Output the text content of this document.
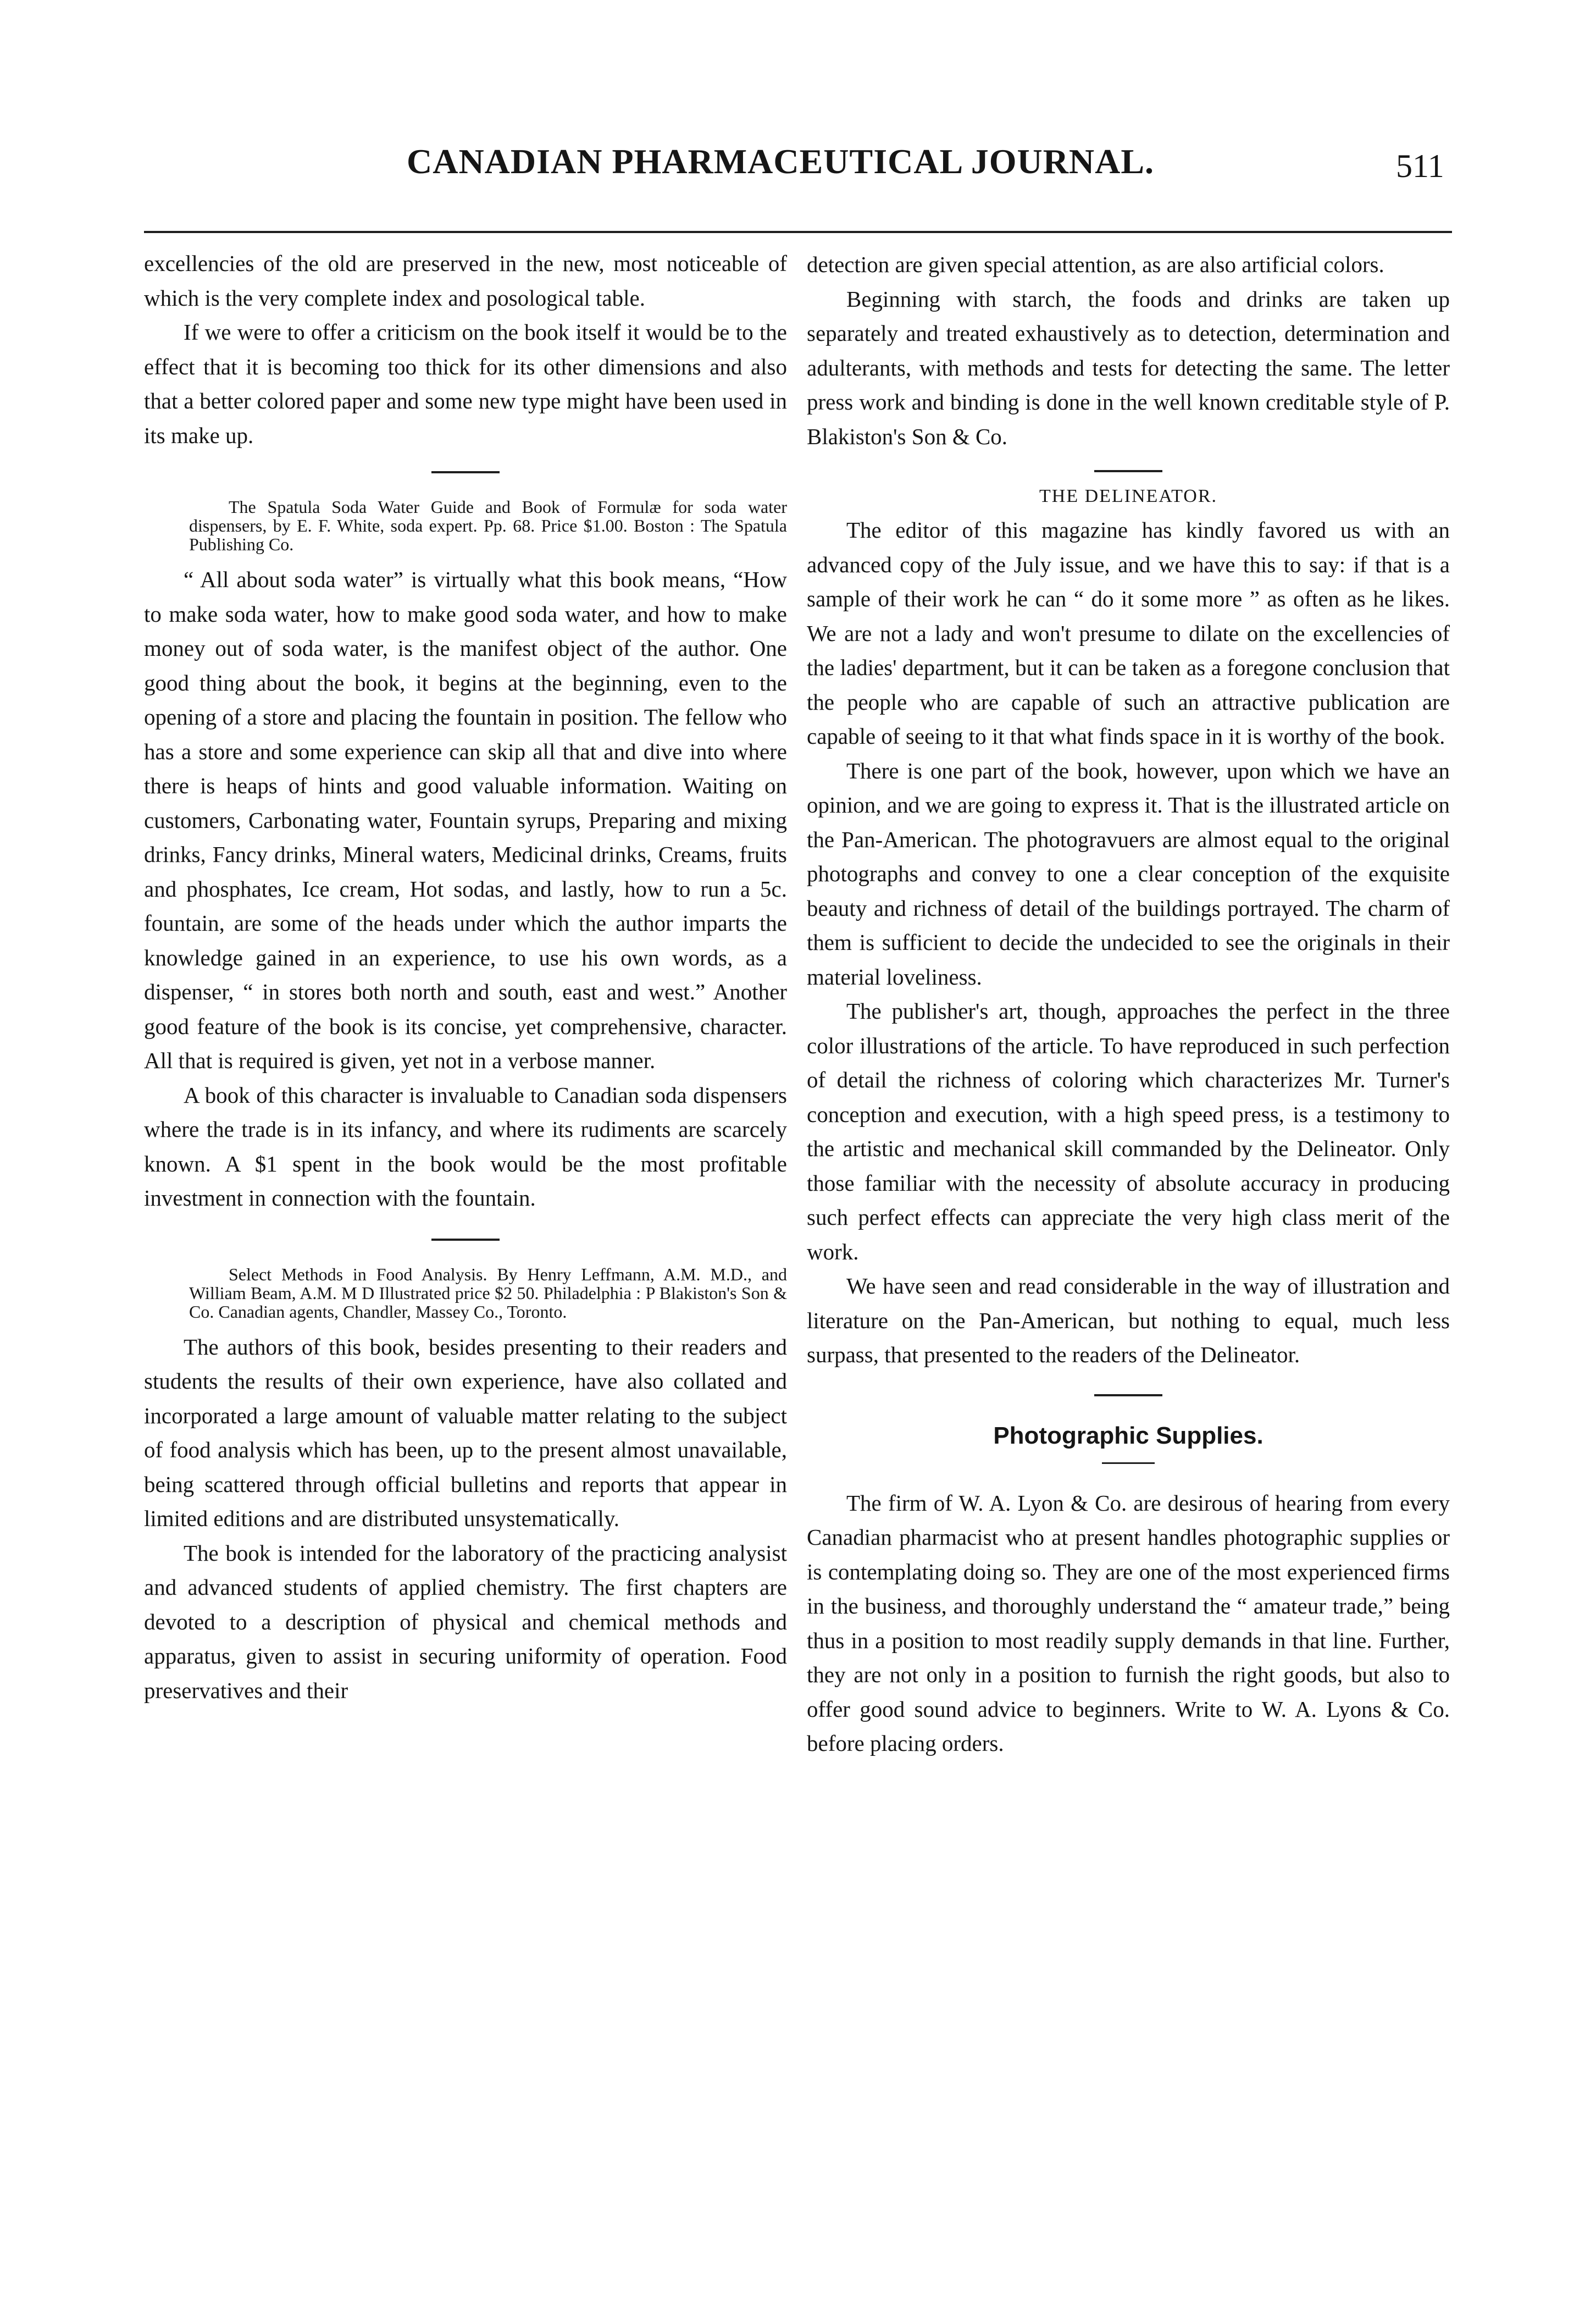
CANADIAN PHARMACEUTICAL JOURNAL.	511

excellencies of the old are preserved in the new, most noticeable of which is the very complete index and posological table.

If we were to offer a criticism on the book itself it would be to the effect that it is becoming too thick for its other dimensions and also that a better colored paper and some new type might have been used in its make up.

The Spatula Soda Water Guide and Book of Formulæ for soda water dispensers, by E. F. White, soda expert. Pp. 68. Price $1.00. Boston : The Spatula Publishing Co.

“ All about soda water” is virtually what this book means, “How to make soda water, how to make good soda water, and how to make money out of soda water, is the manifest object of the author. One good thing about the book, it begins at the beginning, even to the opening of a store and placing the fountain in position. The fellow who has a store and some experience can skip all that and dive into where there is heaps of hints and good valuable information. Waiting on customers, Carbonating water, Fountain syrups, Preparing and mixing drinks, Fancy drinks, Mineral waters, Medicinal drinks, Creams, fruits and phosphates, Ice cream, Hot sodas, and lastly, how to run a 5c. fountain, are some of the heads under which the author imparts the knowledge gained in an experience, to use his own words, as a dispenser, “ in stores both north and south, east and west.” Another good feature of the book is its concise, yet comprehensive, character. All that is required is given, yet not in a verbose manner.

A book of this character is invaluable to Canadian soda dispensers where the trade is in its infancy, and where its rudiments are scarcely known. A $1 spent in the book would be the most profitable investment in connection with the fountain.

Select Methods in Food Analysis. By Henry Leffmann, A.M. M.D., and William Beam, A.M. M D Illustrated price $2 50. Philadelphia : P Blakiston's Son & Co. Canadian agents, Chandler, Massey Co., Toronto.

The authors of this book, besides presenting to their readers and students the results of their own experience, have also collated and incorporated a large amount of valuable matter relating to the subject of food analysis which has been, up to the present almost unavailable, being scattered through official bulletins and reports that appear in limited editions and are distributed unsystematically.

The book is intended for the laboratory of the practicing analysist and advanced students of applied chemistry. The first chapters are devoted to a description of physical and chemical methods and apparatus, given to assist in securing uniformity of operation. Food preservatives and their

detection are given special attention, as are also artificial colors.

Beginning with starch, the foods and drinks are taken up separately and treated exhaustively as to detection, determination and adulterants, with methods and tests for detecting the same. The letter press work and binding is done in the well known creditable style of P. Blakiston's Son & Co.

THE DELINEATOR.

The editor of this magazine has kindly favored us with an advanced copy of the July issue, and we have this to say: if that is a sample of their work he can “ do it some more ” as often as he likes. We are not a lady and won't presume to dilate on the excellencies of the ladies' department, but it can be taken as a foregone conclusion that the people who are capable of such an attractive publication are capable of seeing to it that what finds space in it is worthy of the book.

There is one part of the book, however, upon which we have an opinion, and we are going to express it. That is the illustrated article on the Pan-American. The photogravuers are almost equal to the original photographs and convey to one a clear conception of the exquisite beauty and richness of detail of the buildings portrayed. The charm of them is sufficient to decide the undecided to see the originals in their material loveliness.

The publisher's art, though, approaches the perfect in the three color illustrations of the article. To have reproduced in such perfection of detail the richness of coloring which characterizes Mr. Turner's conception and execution, with a high speed press, is a testimony to the artistic and mechanical skill commanded by the Delineator. Only those familiar with the necessity of absolute accuracy in producing such perfect effects can appreciate the very high class merit of the work.

We have seen and read considerable in the way of illustration and literature on the Pan-American, but nothing to equal, much less surpass, that presented to the readers of the Delineator.

Photographic Supplies.

The firm of W. A. Lyon & Co. are desirous of hearing from every Canadian pharmacist who at present handles photographic supplies or is contemplating doing so. They are one of the most experienced firms in the business, and thoroughly understand the “ amateur trade,” being thus in a position to most readily supply demands in that line. Further, they are not only in a position to furnish the right goods, but also to offer good sound advice to beginners. Write to W. A. Lyons & Co. before placing orders.
